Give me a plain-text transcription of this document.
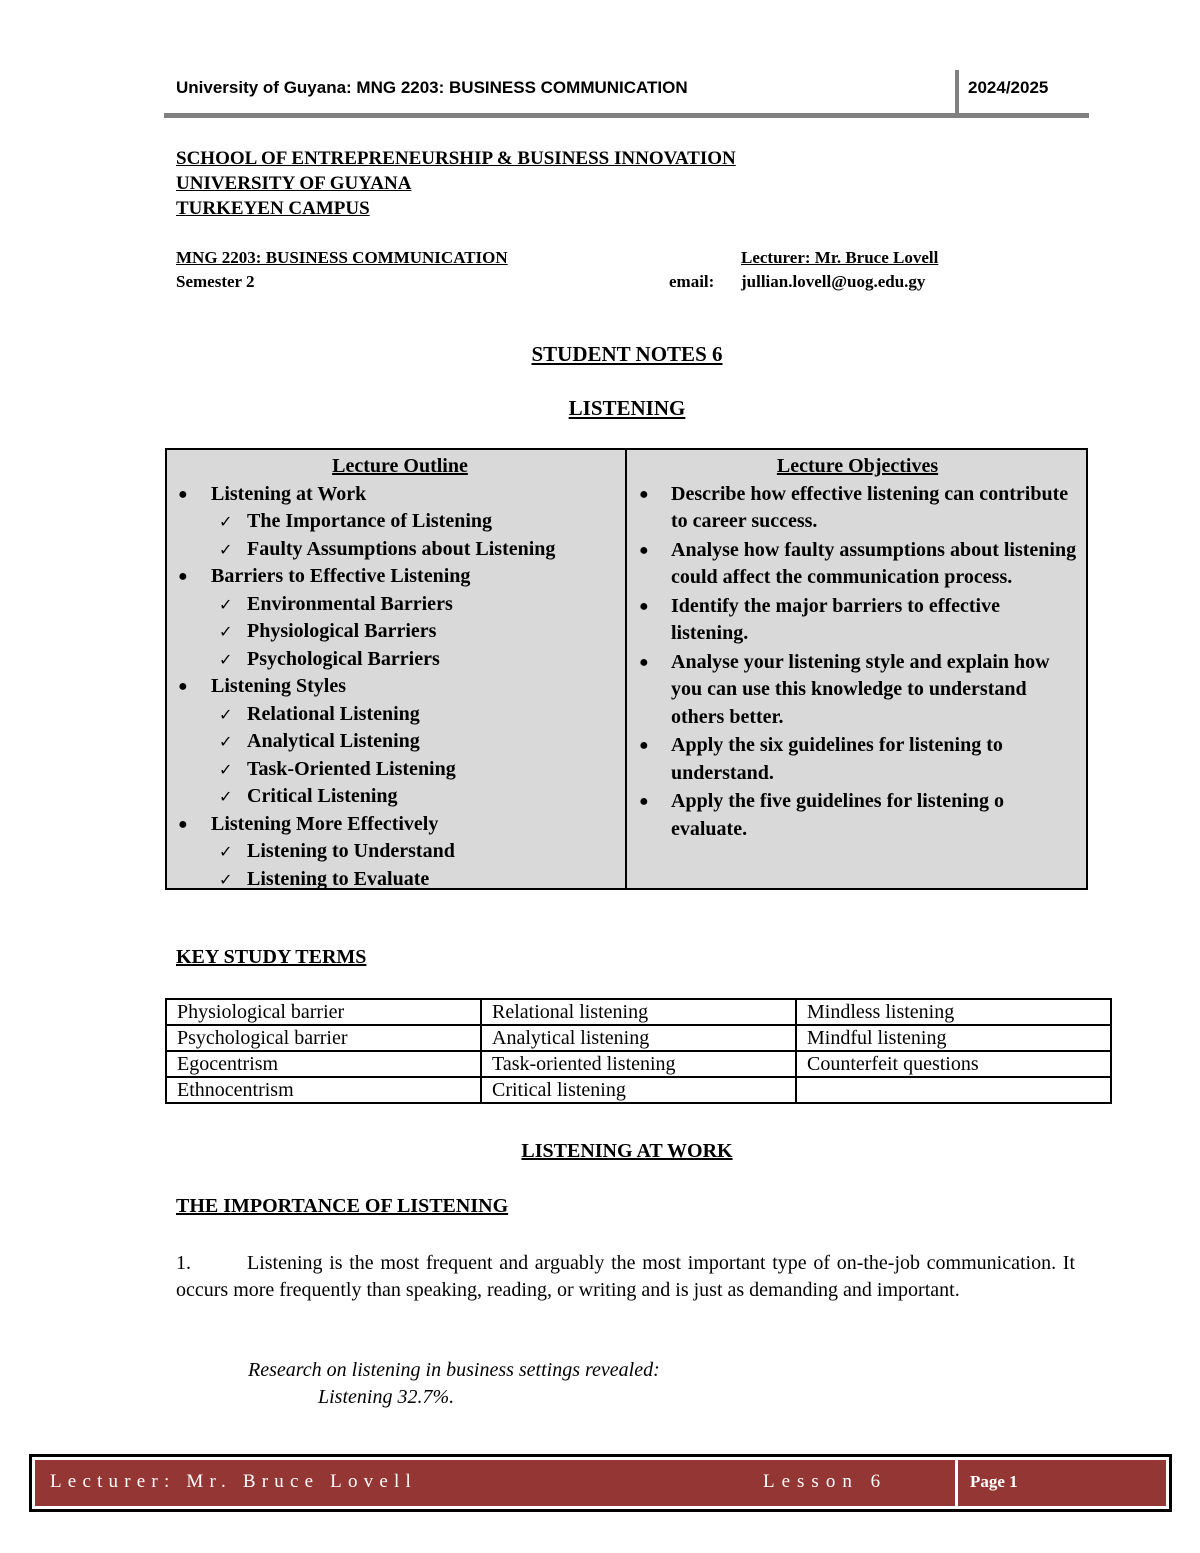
University of Guyana: MNG 2203: BUSINESS COMMUNICATION	2024/2025
SCHOOL OF ENTREPRENEURSHIP & BUSINESS INNOVATION
UNIVERSITY OF GUYANA
TURKEYEN CAMPUS
MNG 2203: BUSINESS COMMUNICATION
Semester 2
Lecturer: Mr. Bruce Lovell
jullian.lovell@uog.edu.gy
email:
STUDENT NOTES 6
LISTENING
Lecture Outline
● Listening at Work
✓ The Importance of Listening
✓ Faulty Assumptions about Listening
● Barriers to Effective Listening
✓ Environmental Barriers
✓ Physiological Barriers
✓ Psychological Barriers
● Listening Styles
✓ Relational Listening
✓ Analytical Listening
✓ Task-Oriented Listening
✓ Critical Listening
● Listening More Effectively
✓ Listening to Understand
✓ Listening to Evaluate
Lecture Objectives
● Describe how effective listening can contribute to career success.
● Analyse how faulty assumptions about listening could affect the communication process.
● Identify the major barriers to effective listening.
● Analyse your listening style and explain how you can use this knowledge to understand others better.
● Apply the six guidelines for listening to understand.
● Apply the five guidelines for listening o evaluate.
KEY STUDY TERMS
Physiological barrier	Relational listening	Mindless listening
Psychological barrier	Analytical listening	Mindful listening
Egocentrism	Task-oriented listening	Counterfeit questions
Ethnocentrism	Critical listening	
LISTENING AT WORK
THE IMPORTANCE OF LISTENING
1.	Listening is the most frequent and arguably the most important type of on-the-job communication. It occurs more frequently than speaking, reading, or writing and is just as demanding and important.
Research on listening in business settings revealed:
Listening 32.7%.
Lecturer: Mr. Bruce Lovell	Lesson 6	Page 1
